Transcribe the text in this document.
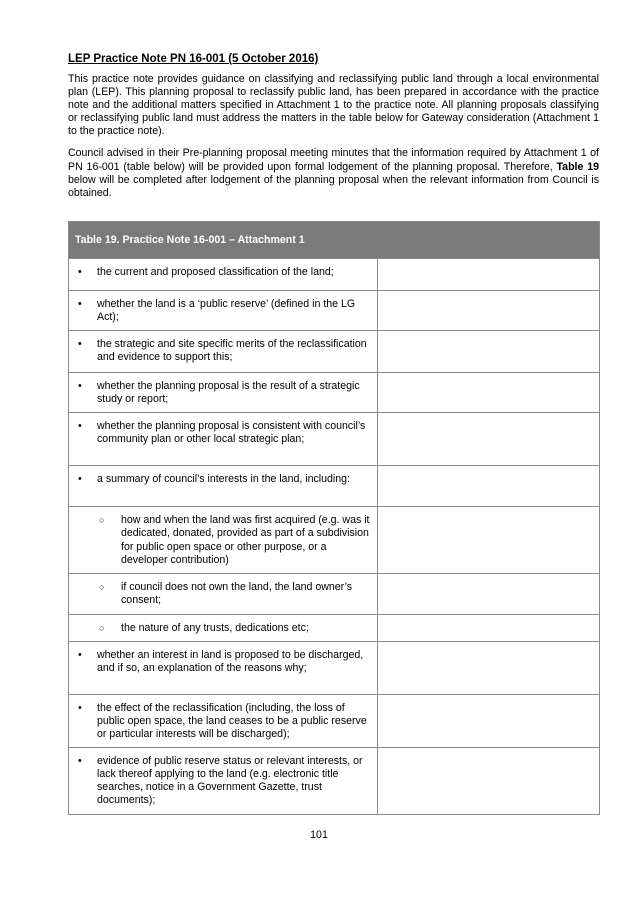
LEP Practice Note PN 16-001 (5 October 2016)

This practice note provides guidance on classifying and reclassifying public land through a local environmental plan (LEP). This planning proposal to reclassify public land, has been prepared in accordance with the practice note and the additional matters specified in Attachment 1 to the practice note. All planning proposals classifying or reclassifying public land must address the matters in the table below for Gateway consideration (Attachment 1 to the practice note).

Council advised in their Pre-planning proposal meeting minutes that the information required by Attachment 1 of PN 16-001 (table below) will be provided upon formal lodgement of the planning proposal. Therefore, Table 19 below will be completed after lodgement of the planning proposal when the relevant information from Council is obtained.

Table 19. Practice Note 16-001 – Attachment 1	

• the current and proposed classification of the land;	

• whether the land is a ‘public reserve’ (defined in the LG Act);	

• the strategic and site specific merits of the reclassification and evidence to support this;	

• whether the planning proposal is the result of a strategic study or report;	

• whether the planning proposal is consistent with council’s community plan or other local strategic plan;	

• a summary of council’s interests in the land, including:	

○ how and when the land was first acquired (e.g. was it dedicated, donated, provided as part of a subdivision for public open space or other purpose, or a developer contribution)	

○ if council does not own the land, the land owner’s consent;	

○ the nature of any trusts, dedications etc;	

• whether an interest in land is proposed to be discharged, and if so, an explanation of the reasons why;	

• the effect of the reclassification (including, the loss of public open space, the land ceases to be a public reserve or particular interests will be discharged);	

• evidence of public reserve status or relevant interests, or lack thereof applying to the land (e.g. electronic title searches, notice in a Government Gazette, trust documents);	

101
